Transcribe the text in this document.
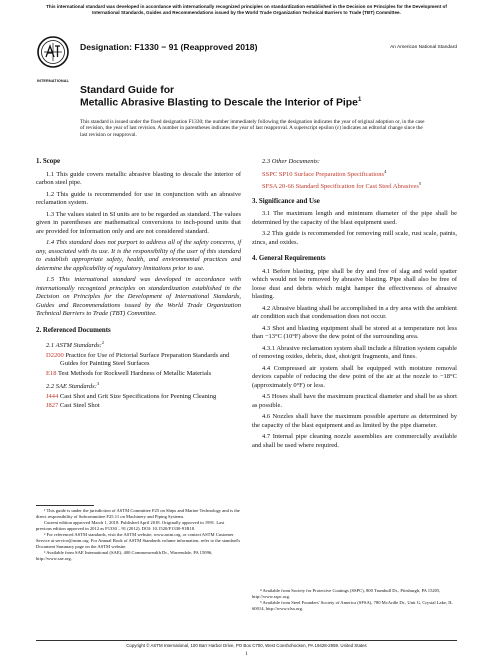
This international standard was developed in accordance with internationally recognized principles on standardization established in the Decision on Principles for the Development of International Standards, Guides and Recommendations issued by the World Trade Organization Technical Barriers to Trade (TBT) Committee.
INTERNATIONAL
Designation: F1330 − 91 (Reapproved 2018)	An American National Standard
Standard Guide for
Metallic Abrasive Blasting to Descale the Interior of Pipe$^1$
This standard is issued under the fixed designation F1330; the number immediately following the designation indicates the year of original adoption or, in the case of revision, the year of last revision. A number in parentheses indicates the year of last reapproval. A superscript epsilon (ε) indicates an editorial change since the last revision or reapproval.
1. Scope
1.1 This guide covers metallic abrasive blasting to descale the interior of carbon steel pipe.
1.2 This guide is recommended for use in conjunction with an abrasive reclamation system.
1.3 The values stated in SI units are to be regarded as standard. The values given in parentheses are mathematical conversions to inch-pound units that are provided for information only and are not considered standard.
1.4 This standard does not purport to address all of the safety concerns, if any, associated with its use. It is the responsibility of the user of this standard to establish appropriate safety, health, and environmental practices and determine the applicability of regulatory limitations prior to use.
1.5 This international standard was developed in accordance with internationally recognized principles on standardization established in the Decision on Principles for the Development of International Standards, Guides and Recommendations issued by the World Trade Organization Technical Barriers to Trade (TBT) Committee.
2. Referenced Documents
2.1 ASTM Standards:$^2$
D2200 Practice for Use of Pictorial Surface Preparation Standards and Guides for Painting Steel Surfaces
E18 Test Methods for Rockwell Hardness of Metallic Materials
2.2 SAE Standards:$^3$
J444 Cast Shot and Grit Size Specifications for Peening Cleaning
J827 Cast Steel Shot
2.3 Other Documents:
SSPC SP10 Surface Preparation Specifications$^4$
SFSA 20-66 Standard Specification for Cast Steel Abrasives$^5$
3. Significance and Use
3.1 The maximum length and minimum diameter of the pipe shall be determined by the capacity of the blast equipment used.
3.2 This guide is recommended for removing mill scale, rust scale, paints, zincs, and oxides.
4. General Requirements
4.1 Before blasting, pipe shall be dry and free of slag and weld spatter which would not be removed by abrasive blasting. Pipe shall also be free of loose dust and debris which might hamper the effectiveness of abrasive blasting.
4.2 Abrasive blasting shall be accomplished in a dry area with the ambient air condition such that condensation does not occur.
4.3 Shot and blasting equipment shall be stored at a temperature not less than −13°C (10°F) above the dew point of the surrounding area.
4.3.1 Abrasive reclamation system shall include a filtration system capable of removing oxides, debris, dust, shot/grit fragments, and fines.
4.4 Compressed air system shall be equipped with moisture removal devices capable of reducing the dew point of the air at the nozzle to −18°C (approximately 0°F) or less.
4.5 Hoses shall have the maximum practical diameter and shall be as short as possible.
4.6 Nozzles shall have the maximum possible aperture as determined by the capacity of the blast equipment and as limited by the pipe diameter.
4.7 Internal pipe cleaning nozzle assemblies are commercially available and shall be used where required.
¹ This guide is under the jurisdiction of ASTM Committee F25 on Ships and Marine Technology and is the direct responsibility of Subcommittee F25.11 on Machinery and Piping Systems.
Current edition approved March 1, 2018. Published April 2018. Originally approved in 1991. Last previous edition approved in 2012 as F1330 – 91 (2012). DOI: 10.1520/F1330-91R18.
² For referenced ASTM standards, visit the ASTM website, www.astm.org, or contact ASTM Customer Service at service@astm.org. For Annual Book of ASTM Standards volume information, refer to the standard's Document Summary page on the ASTM website.
³ Available from SAE International (SAE), 400 Commonwealth Dr., Warrendale, PA 15096, http://www.sae.org.
⁴ Available from Society for Protective Coatings (SSPC), 800 Trumbull Dr., Pittsburgh, PA 15205, http://www.sspc.org.
⁵ Available from Steel Founders' Society of America (SFSA), 780 McArdle Dr., Unit G, Crystal Lake, IL 60014, http://www.sfsa.org.
Copyright © ASTM International, 100 Barr Harbor Drive, PO Box C700, West Conshohocken, PA 19428-2959. United States
1
